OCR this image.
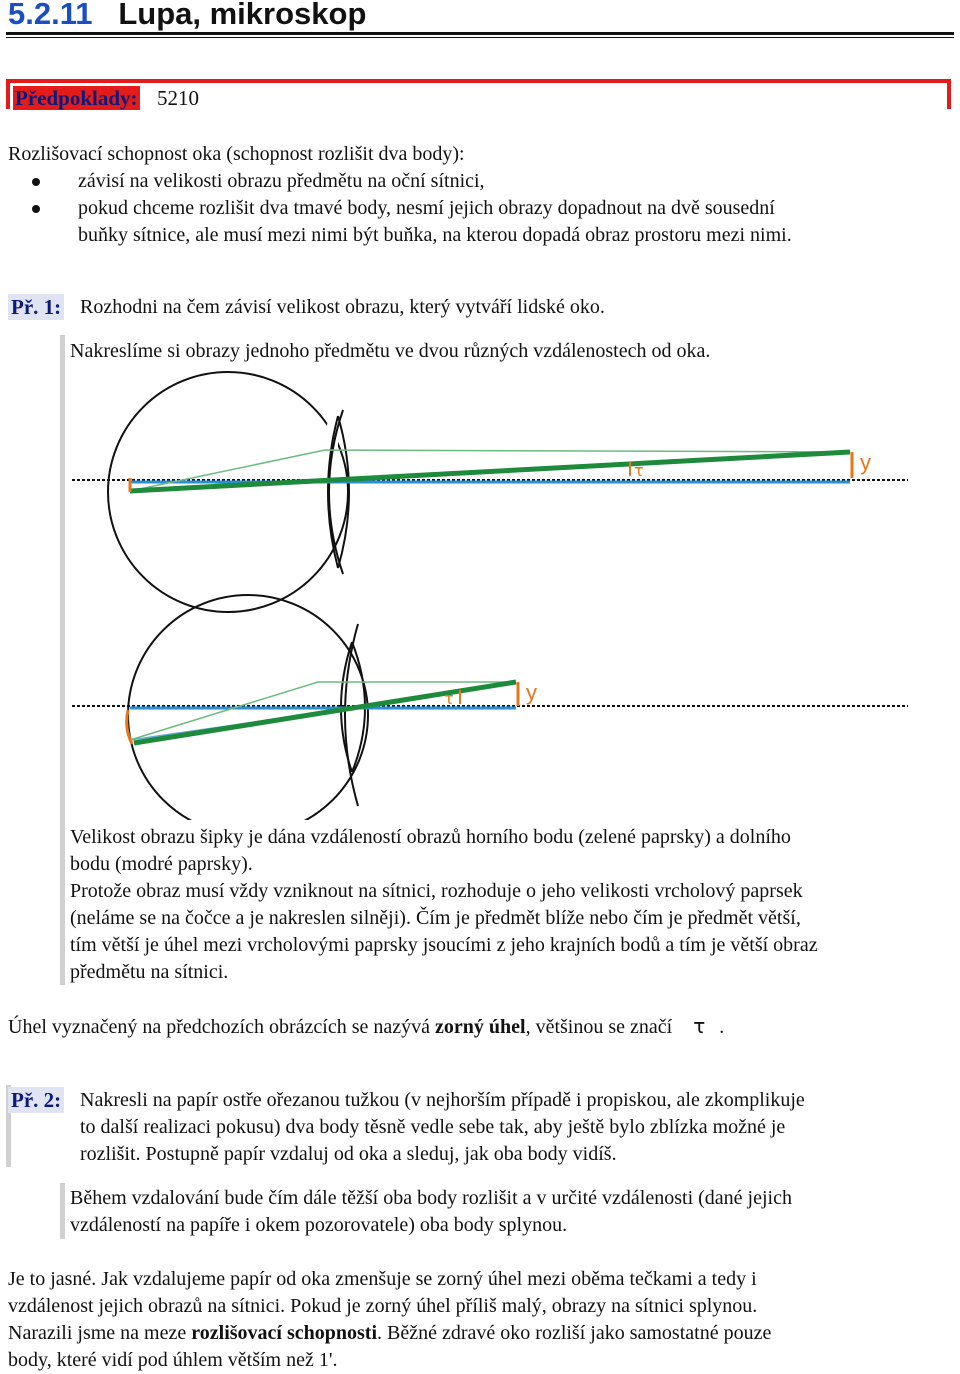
5.2.11 Lupa, mikroskop
Předpoklady: 5210
Rozlišovací schopnost oka (schopnost rozlišit dva body):
závisí na velikosti obrazu předmětu na oční sítnici,
pokud chceme rozlišit dva tmavé body, nesmí jejich obrazy dopadnout na dvě sousední
buňky sítnice, ale musí mezi nimi být buňka, na kterou dopadá obraz prostoru mezi nimi.
Př. 1: Rozhodni na čem závisí velikost obrazu, který vytváří lidské oko.
Nakreslíme si obrazy jednoho předmětu ve dvou různých vzdálenostech od oka.
y
τ
y
τ
Velikost obrazu šipky je dána vzdáleností obrazů horního bodu (zelené paprsky) a dolního
bodu (modré paprsky).
Protože obraz musí vždy vzniknout na sítnici, rozhoduje o jeho velikosti vrcholový paprsek
(neláme se na čočce a je nakreslen silněji). Čím je předmět blíže nebo čím je předmět větší,
tím větší je úhel mezi vrcholovými paprsky jsoucími z jeho krajních bodů a tím je větší obraz
předmětu na sítnici.
Úhel vyznačený na předchozích obrázcích se nazývá zorný úhel, většinou se značí τ .
Př. 2: Nakresli na papír ostře ořezanou tužkou (v nejhorším případě i propiskou, ale zkomplikuje
to další realizaci pokusu) dva body těsně vedle sebe tak, aby ještě bylo zblízka možné je
rozlišit. Postupně papír vzdaluj od oka a sleduj, jak oba body vidíš.
Během vzdalování bude čím dále těžší oba body rozlišit a v určité vzdálenosti (dané jejich
vzdáleností na papíře i okem pozorovatele) oba body splynou.
Je to jasné. Jak vzdalujeme papír od oka zmenšuje se zorný úhel mezi oběma tečkami a tedy i
vzdálenost jejich obrazů na sítnici. Pokud je zorný úhel příliš malý, obrazy na sítnici splynou.
Narazili jsme na meze rozlišovací schopnosti. Běžné zdravé oko rozliší jako samostatné pouze
body, které vidí pod úhlem větším než 1'.
